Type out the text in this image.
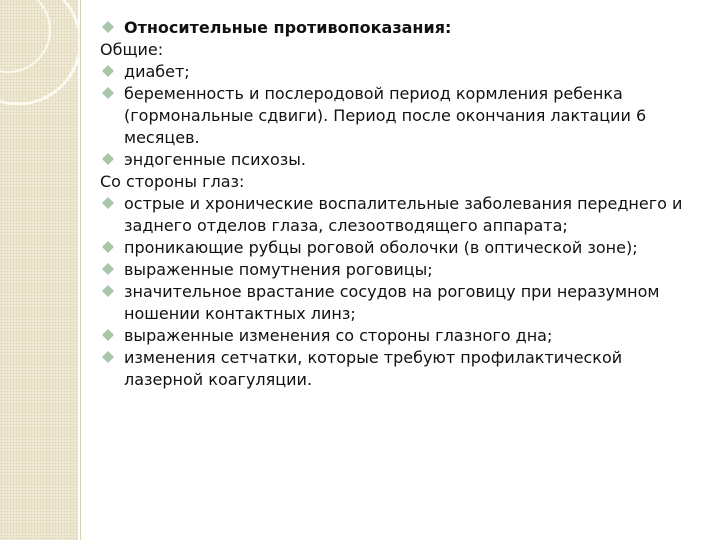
Относительные противопоказания:
Общие:
диабет;
беременность и послеродовой период кормления ребенка (гормональные сдвиги). Период после окончания лактации 6 месяцев.
эндогенные психозы.
Со стороны глаз:
острые и хронические воспалительные заболевания переднего и заднего отделов глаза, слезоотводящего аппарата;
проникающие рубцы роговой оболочки (в оптической зоне);
выраженные помутнения роговицы;
значительное врастание сосудов на роговицу при неразумном ношении контактных линз;
выраженные изменения со стороны глазного дна;
изменения сетчатки, которые требуют профилактической лазерной коагуляции.
